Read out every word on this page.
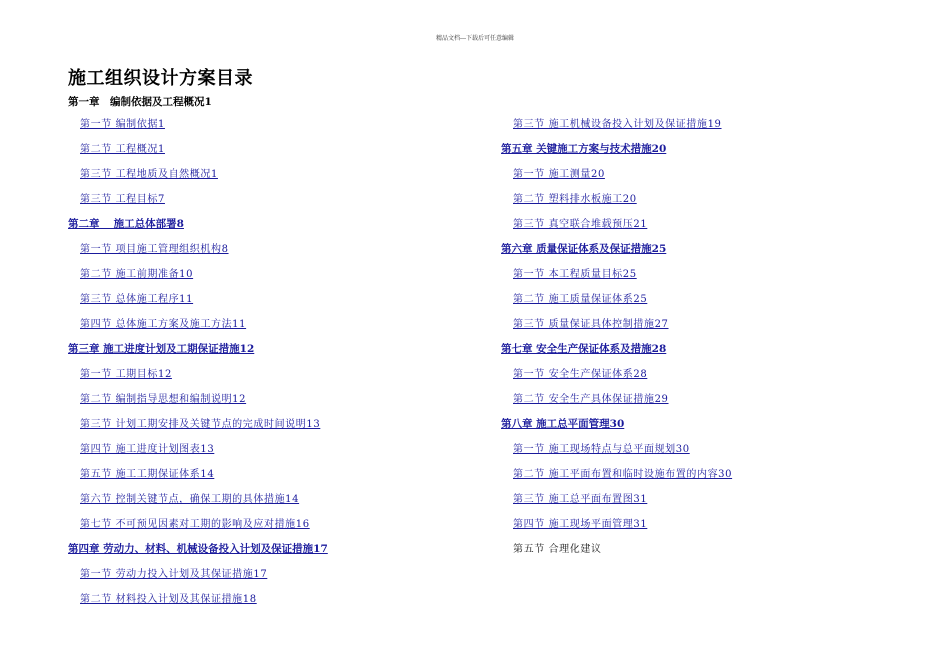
精品文档---下载后可任意编辑
施工组织设计方案目录
第一章　编制依据及工程概况1
第一节 编制依据1
第二节 工程概况1
第三节 工程地质及自然概况1
第三节 工程目标7
第二章　 施工总体部署8
第一节 项目施工管理组织机构8
第二节 施工前期准备10
第三节 总体施工程序11
第四节 总体施工方案及施工方法11
第三章 施工进度计划及工期保证措施12
第一节 工期目标12
第二节 编制指导思想和编制说明12
第三节 计划工期安排及关键节点的完成时间说明13
第四节 施工进度计划图表13
第五节 施工工期保证体系14
第六节 控制关键节点，确保工期的具体措施14
第七节 不可预见因素对工期的影响及应对措施16
第四章 劳动力、材料、机械设备投入计划及保证措施17
第一节 劳动力投入计划及其保证措施17
第二节 材料投入计划及其保证措施18
第三节 施工机械设备投入计划及保证措施19
第五章 关键施工方案与技术措施20
第一节 施工测量20
第二节 塑料排水板施工20
第三节 真空联合堆载预压21
第六章 质量保证体系及保证措施25
第一节 本工程质量目标25
第二节 施工质量保证体系25
第三节 质量保证具体控制措施27
第七章 安全生产保证体系及措施28
第一节 安全生产保证体系28
第二节 安全生产具体保证措施29
第八章 施工总平面管理30
第一节 施工现场特点与总平面规划30
第二节 施工平面布置和临时设施布置的内容30
第三节 施工总平面布置图31
第四节 施工现场平面管理31
第五节 合理化建议
